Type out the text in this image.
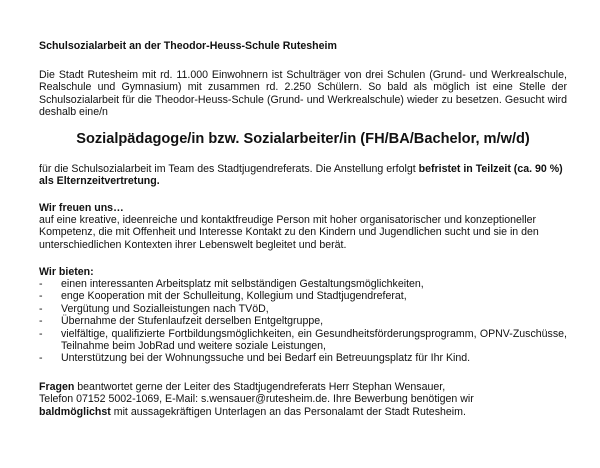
Schulsozialarbeit an der Theodor-Heuss-Schule Rutesheim

Die Stadt Rutesheim mit rd. 11.000 Einwohnern ist Schulträger von drei Schulen (Grund- und Werkrealschule, Realschule und Gymnasium) mit zusammen rd. 2.250 Schülern. So bald als möglich ist eine Stelle der Schulsozialarbeit für die Theodor-Heuss-Schule (Grund- und Werkrealschule) wieder zu besetzen. Gesucht wird deshalb eine/n

Sozialpädagoge/in bzw. Sozialarbeiter/in (FH/BA/Bachelor, m/w/d)

für die Schulsozialarbeit im Team des Stadtjugendreferats. Die Anstellung erfolgt befristet in Teilzeit (ca. 90 %) als Elternzeitvertretung.

Wir freuen uns…

auf eine kreative, ideenreiche und kontaktfreudige Person mit hoher organisatorischer und konzeptioneller Kompetenz, die mit Offenheit und Interesse Kontakt zu den Kindern und Jugendlichen sucht und sie in den unterschiedlichen Kontexten ihrer Lebenswelt begleitet und berät.

Wir bieten:

- einen interessanten Arbeitsplatz mit selbständigen Gestaltungsmöglichkeiten,
- enge Kooperation mit der Schulleitung, Kollegium und Stadtjugendreferat,
- Vergütung und Sozialleistungen nach TVöD,
- Übernahme der Stufenlaufzeit derselben Entgeltgruppe,
- vielfältige, qualifizierte Fortbildungsmöglichkeiten, ein Gesundheitsförderungsprogramm, OPNV-Zuschüsse, Teilnahme beim JobRad und weitere soziale Leistungen,
- Unterstützung bei der Wohnungssuche und bei Bedarf ein Betreuungsplatz für Ihr Kind.

Fragen beantwortet gerne der Leiter des Stadtjugendreferats Herr Stephan Wensauer,
Telefon 07152 5002-1069, E-Mail: s.wensauer@rutesheim.de. Ihre Bewerbung benötigen wir
baldmöglichst mit aussagekräftigen Unterlagen an das Personalamt der Stadt Rutesheim.
